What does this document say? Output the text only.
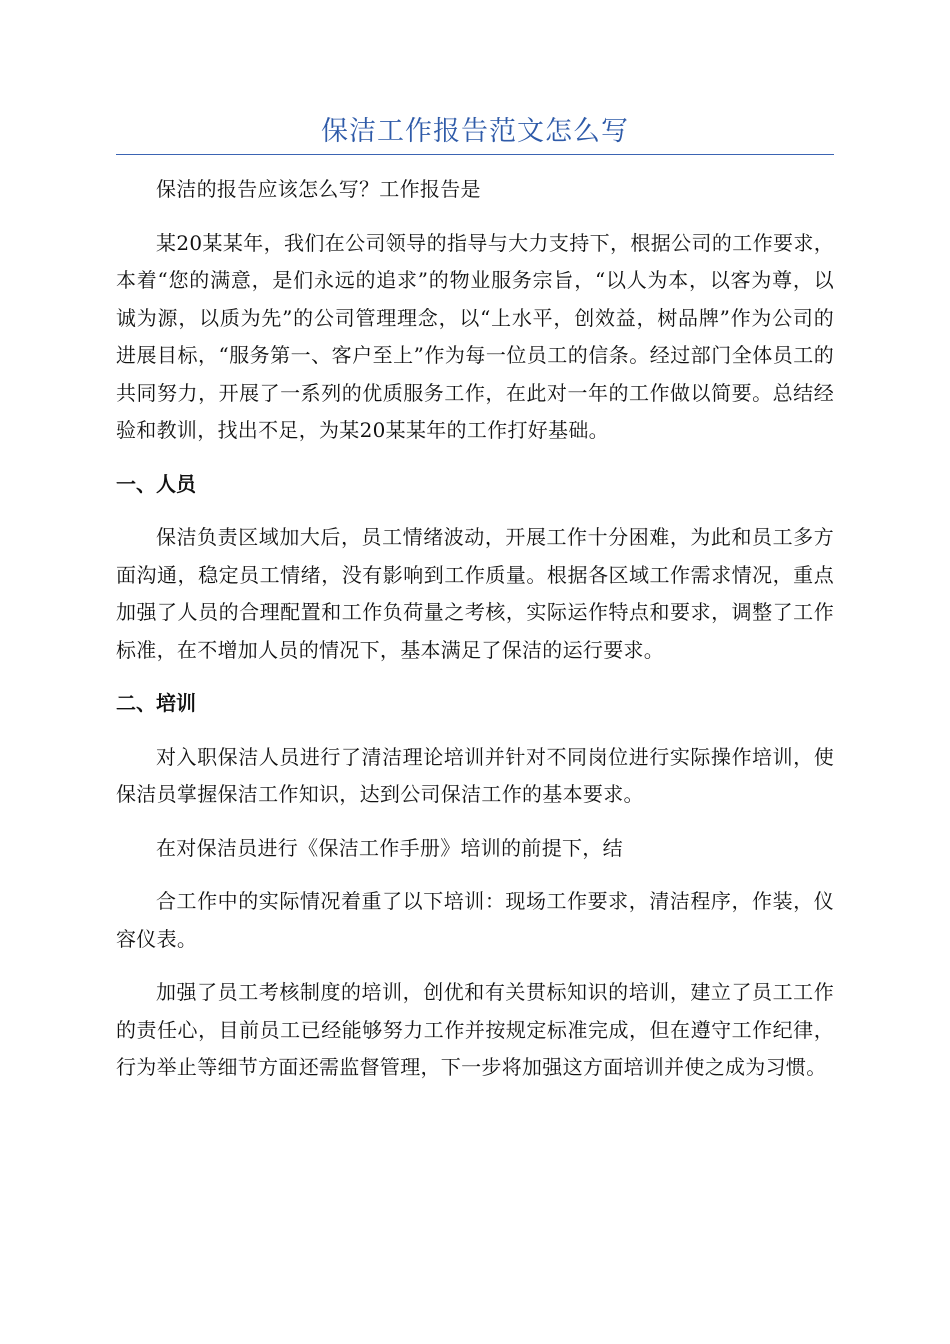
保洁工作报告范文怎么写

保洁的报告应该怎么写？工作报告是

某20某某年，我们在公司领导的指导与大力支持下，根据公司的工作要求，本着“您的满意，是们永远的追求”的物业服务宗旨，“以人为本，以客为尊，以诚为源，以质为先”的公司管理理念，以“上水平，创效益，树品牌”作为公司的进展目标，“服务第一、客户至上”作为每一位员工的信条。经过部门全体员工的共同努力，开展了一系列的优质服务工作，在此对一年的工作做以简要。总结经验和教训，找出不足，为某20某某年的工作打好基础。

一、人员

保洁负责区域加大后，员工情绪波动，开展工作十分困难，为此和员工多方面沟通，稳定员工情绪，没有影响到工作质量。根据各区域工作需求情况，重点加强了人员的合理配置和工作负荷量之考核，实际运作特点和要求，调整了工作标准，在不增加人员的情况下，基本满足了保洁的运行要求。

二、培训

对入职保洁人员进行了清洁理论培训并针对不同岗位进行实际操作培训，使保洁员掌握保洁工作知识，达到公司保洁工作的基本要求。

在对保洁员进行《保洁工作手册》培训的前提下，结

合工作中的实际情况着重了以下培训：现场工作要求，清洁程序，作装，仪容仪表。

加强了员工考核制度的培训，创优和有关贯标知识的培训，建立了员工工作的责任心，目前员工已经能够努力工作并按规定标准完成，但在遵守工作纪律，行为举止等细节方面还需监督管理，下一步将加强这方面培训并使之成为习惯。
